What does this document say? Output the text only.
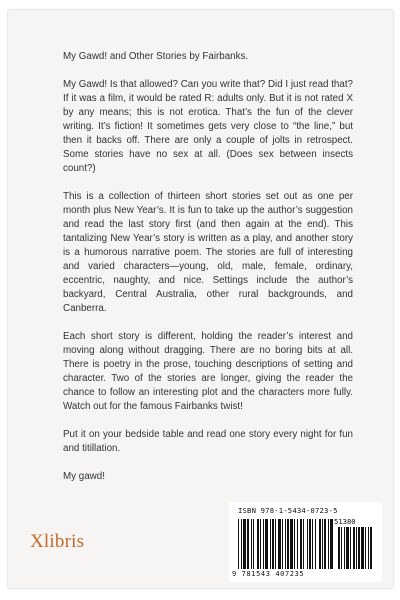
My Gawd! and Other Stories by Fairbanks.

My Gawd! Is that allowed? Can you write that? Did I just read that? If it was a film, it would be rated R: adults only. But it is not rated X by any means; this is not erotica. That’s the fun of the clever writing. It’s fiction! It sometimes gets very close to “the line,” but then it backs off. There are only a couple of jolts in retrospect. Some stories have no sex at all. (Does sex between insects count?)

This is a collection of thirteen short stories set out as one per month plus New Year’s. It is fun to take up the author’s suggestion and read the last story first (and then again at the end). This tantalizing New Year’s story is written as a play, and another story is a humorous narrative poem. The stories are full of interesting and varied characters—young, old, male, female, ordinary, eccentric, naughty, and nice. Settings include the author’s backyard, Central Australia, other rural backgrounds, and Canberra.

Each short story is different, holding the reader’s interest and moving along without dragging. There are no boring bits at all. There is poetry in the prose, touching descriptions of setting and character. Two of the stories are longer, giving the reader the chance to follow an interesting plot and the characters more fully. Watch out for the famous Fairbanks twist!

Put it on your bedside table and read one story every night for fun and titillation.

My gawd!

Xlibris
ISBN 978-1-5434-0723-5
51380
9 781543 407235
